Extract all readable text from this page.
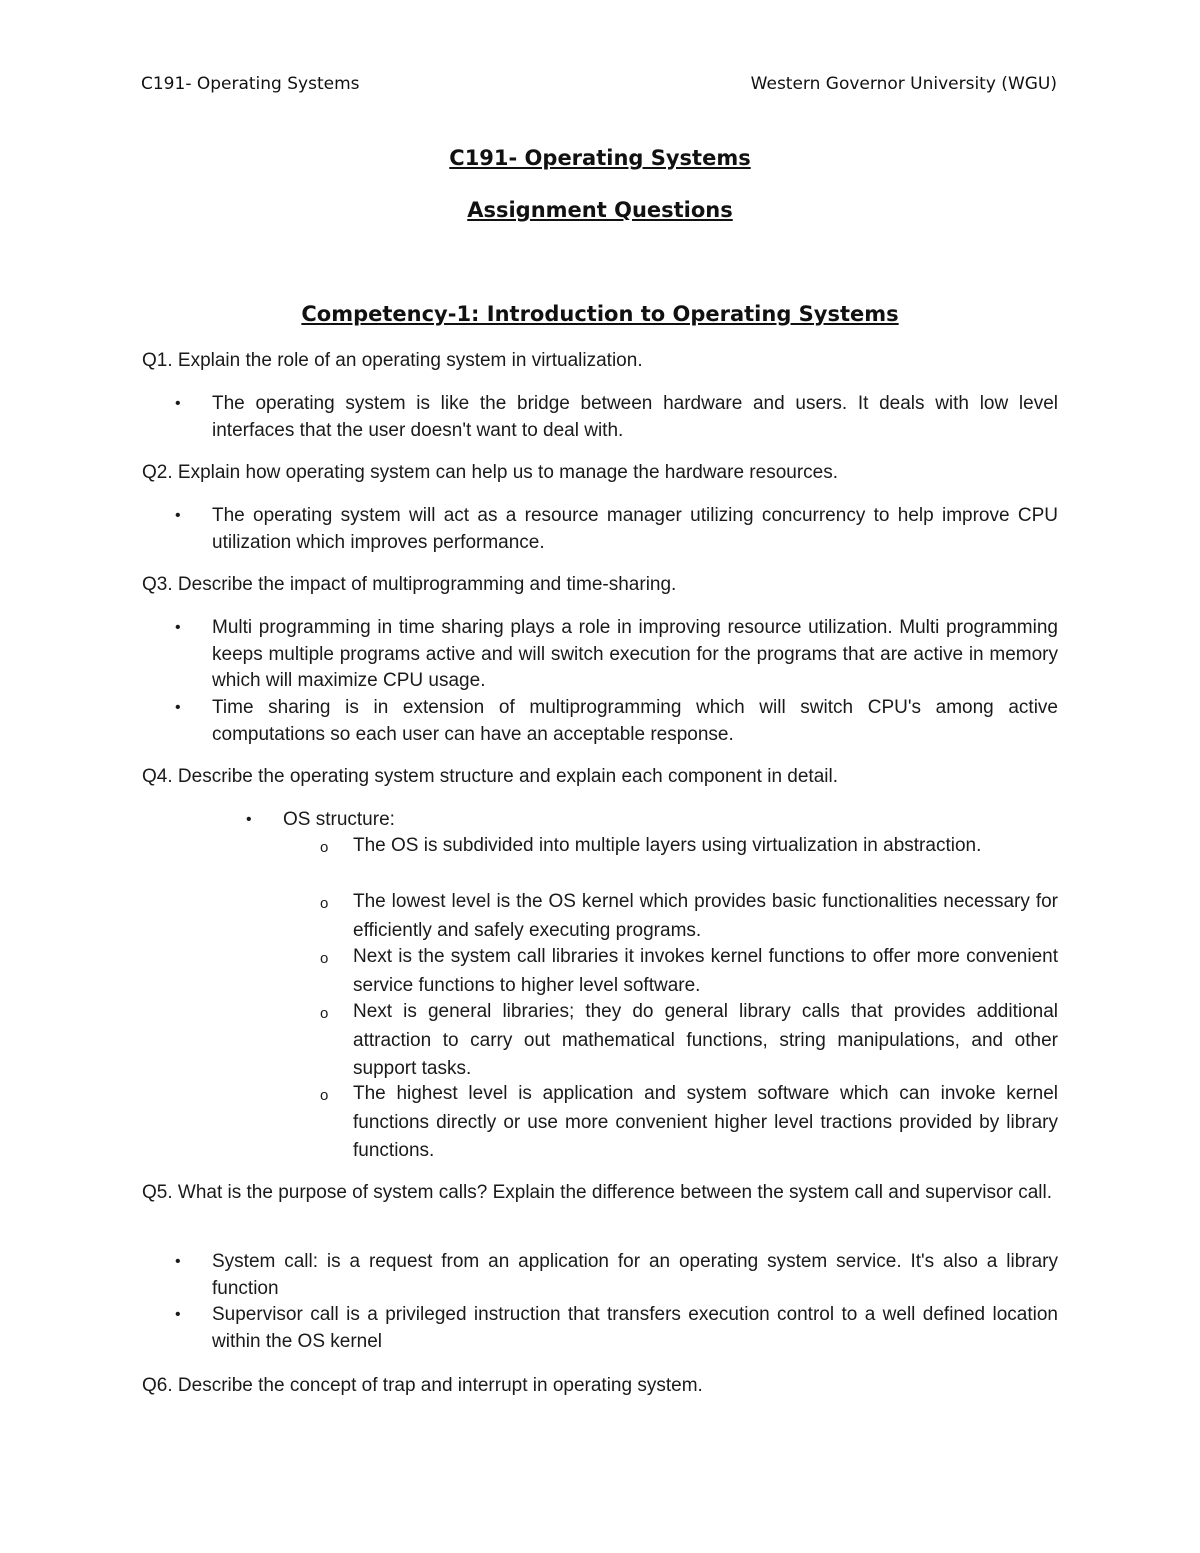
C191- Operating Systems	Western Governor University (WGU)
C191- Operating Systems
Assignment Questions
Competency-1: Introduction to Operating Systems
Q1. Explain the role of an operating system in virtualization.
• The operating system is like the bridge between hardware and users. It deals with low level interfaces that the user doesn't want to deal with.
Q2. Explain how operating system can help us to manage the hardware resources.
• The operating system will act as a resource manager utilizing concurrency to help improve CPU utilization which improves performance.
Q3. Describe the impact of multiprogramming and time-sharing.
• Multi programming in time sharing plays a role in improving resource utilization. Multi programming keeps multiple programs active and will switch execution for the programs that are active in memory which will maximize CPU usage.
• Time sharing is in extension of multiprogramming which will switch CPU's among active computations so each user can have an acceptable response.
Q4. Describe the operating system structure and explain each component in detail.
• OS structure:
o The OS is subdivided into multiple layers using virtualization in abstraction.
o The lowest level is the OS kernel which provides basic functionalities necessary for efficiently and safely executing programs.
o Next is the system call libraries it invokes kernel functions to offer more convenient service functions to higher level software.
o Next is general libraries; they do general library calls that provides additional attraction to carry out mathematical functions, string manipulations, and other support tasks.
o The highest level is application and system software which can invoke kernel functions directly or use more convenient higher level tractions provided by library functions.
Q5. What is the purpose of system calls? Explain the difference between the system call and supervisor call.
• System call: is a request from an application for an operating system service. It's also a library function
• Supervisor call is a privileged instruction that transfers execution control to a well defined location within the OS kernel
Q6. Describe the concept of trap and interrupt in operating system.
